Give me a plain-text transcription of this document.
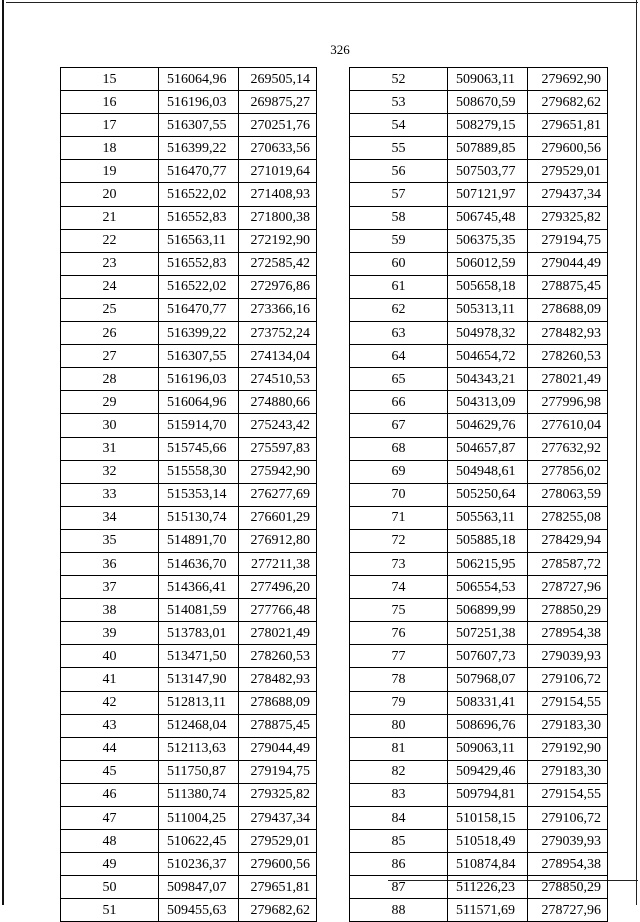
326
15	516064,96	269505,14
16	516196,03	269875,27
17	516307,55	270251,76
18	516399,22	270633,56
19	516470,77	271019,64
20	516522,02	271408,93
21	516552,83	271800,38
22	516563,11	272192,90
23	516552,83	272585,42
24	516522,02	272976,86
25	516470,77	273366,16
26	516399,22	273752,24
27	516307,55	274134,04
28	516196,03	274510,53
29	516064,96	274880,66
30	515914,70	275243,42
31	515745,66	275597,83
32	515558,30	275942,90
33	515353,14	276277,69
34	515130,74	276601,29
35	514891,70	276912,80
36	514636,70	277211,38
37	514366,41	277496,20
38	514081,59	277766,48
39	513783,01	278021,49
40	513471,50	278260,53
41	513147,90	278482,93
42	512813,11	278688,09
43	512468,04	278875,45
44	512113,63	279044,49
45	511750,87	279194,75
46	511380,74	279325,82
47	511004,25	279437,34
48	510622,45	279529,01
49	510236,37	279600,56
50	509847,07	279651,81
51	509455,63	279682,62
52	509063,11	279692,90
53	508670,59	279682,62
54	508279,15	279651,81
55	507889,85	279600,56
56	507503,77	279529,01
57	507121,97	279437,34
58	506745,48	279325,82
59	506375,35	279194,75
60	506012,59	279044,49
61	505658,18	278875,45
62	505313,11	278688,09
63	504978,32	278482,93
64	504654,72	278260,53
65	504343,21	278021,49
66	504313,09	277996,98
67	504629,76	277610,04
68	504657,87	277632,92
69	504948,61	277856,02
70	505250,64	278063,59
71	505563,11	278255,08
72	505885,18	278429,94
73	506215,95	278587,72
74	506554,53	278727,96
75	506899,99	278850,29
76	507251,38	278954,38
77	507607,73	279039,93
78	507968,07	279106,72
79	508331,41	279154,55
80	508696,76	279183,30
81	509063,11	279192,90
82	509429,46	279183,30
83	509794,81	279154,55
84	510158,15	279106,72
85	510518,49	279039,93
86	510874,84	278954,38
87	511226,23	278850,29
88	511571,69	278727,96
